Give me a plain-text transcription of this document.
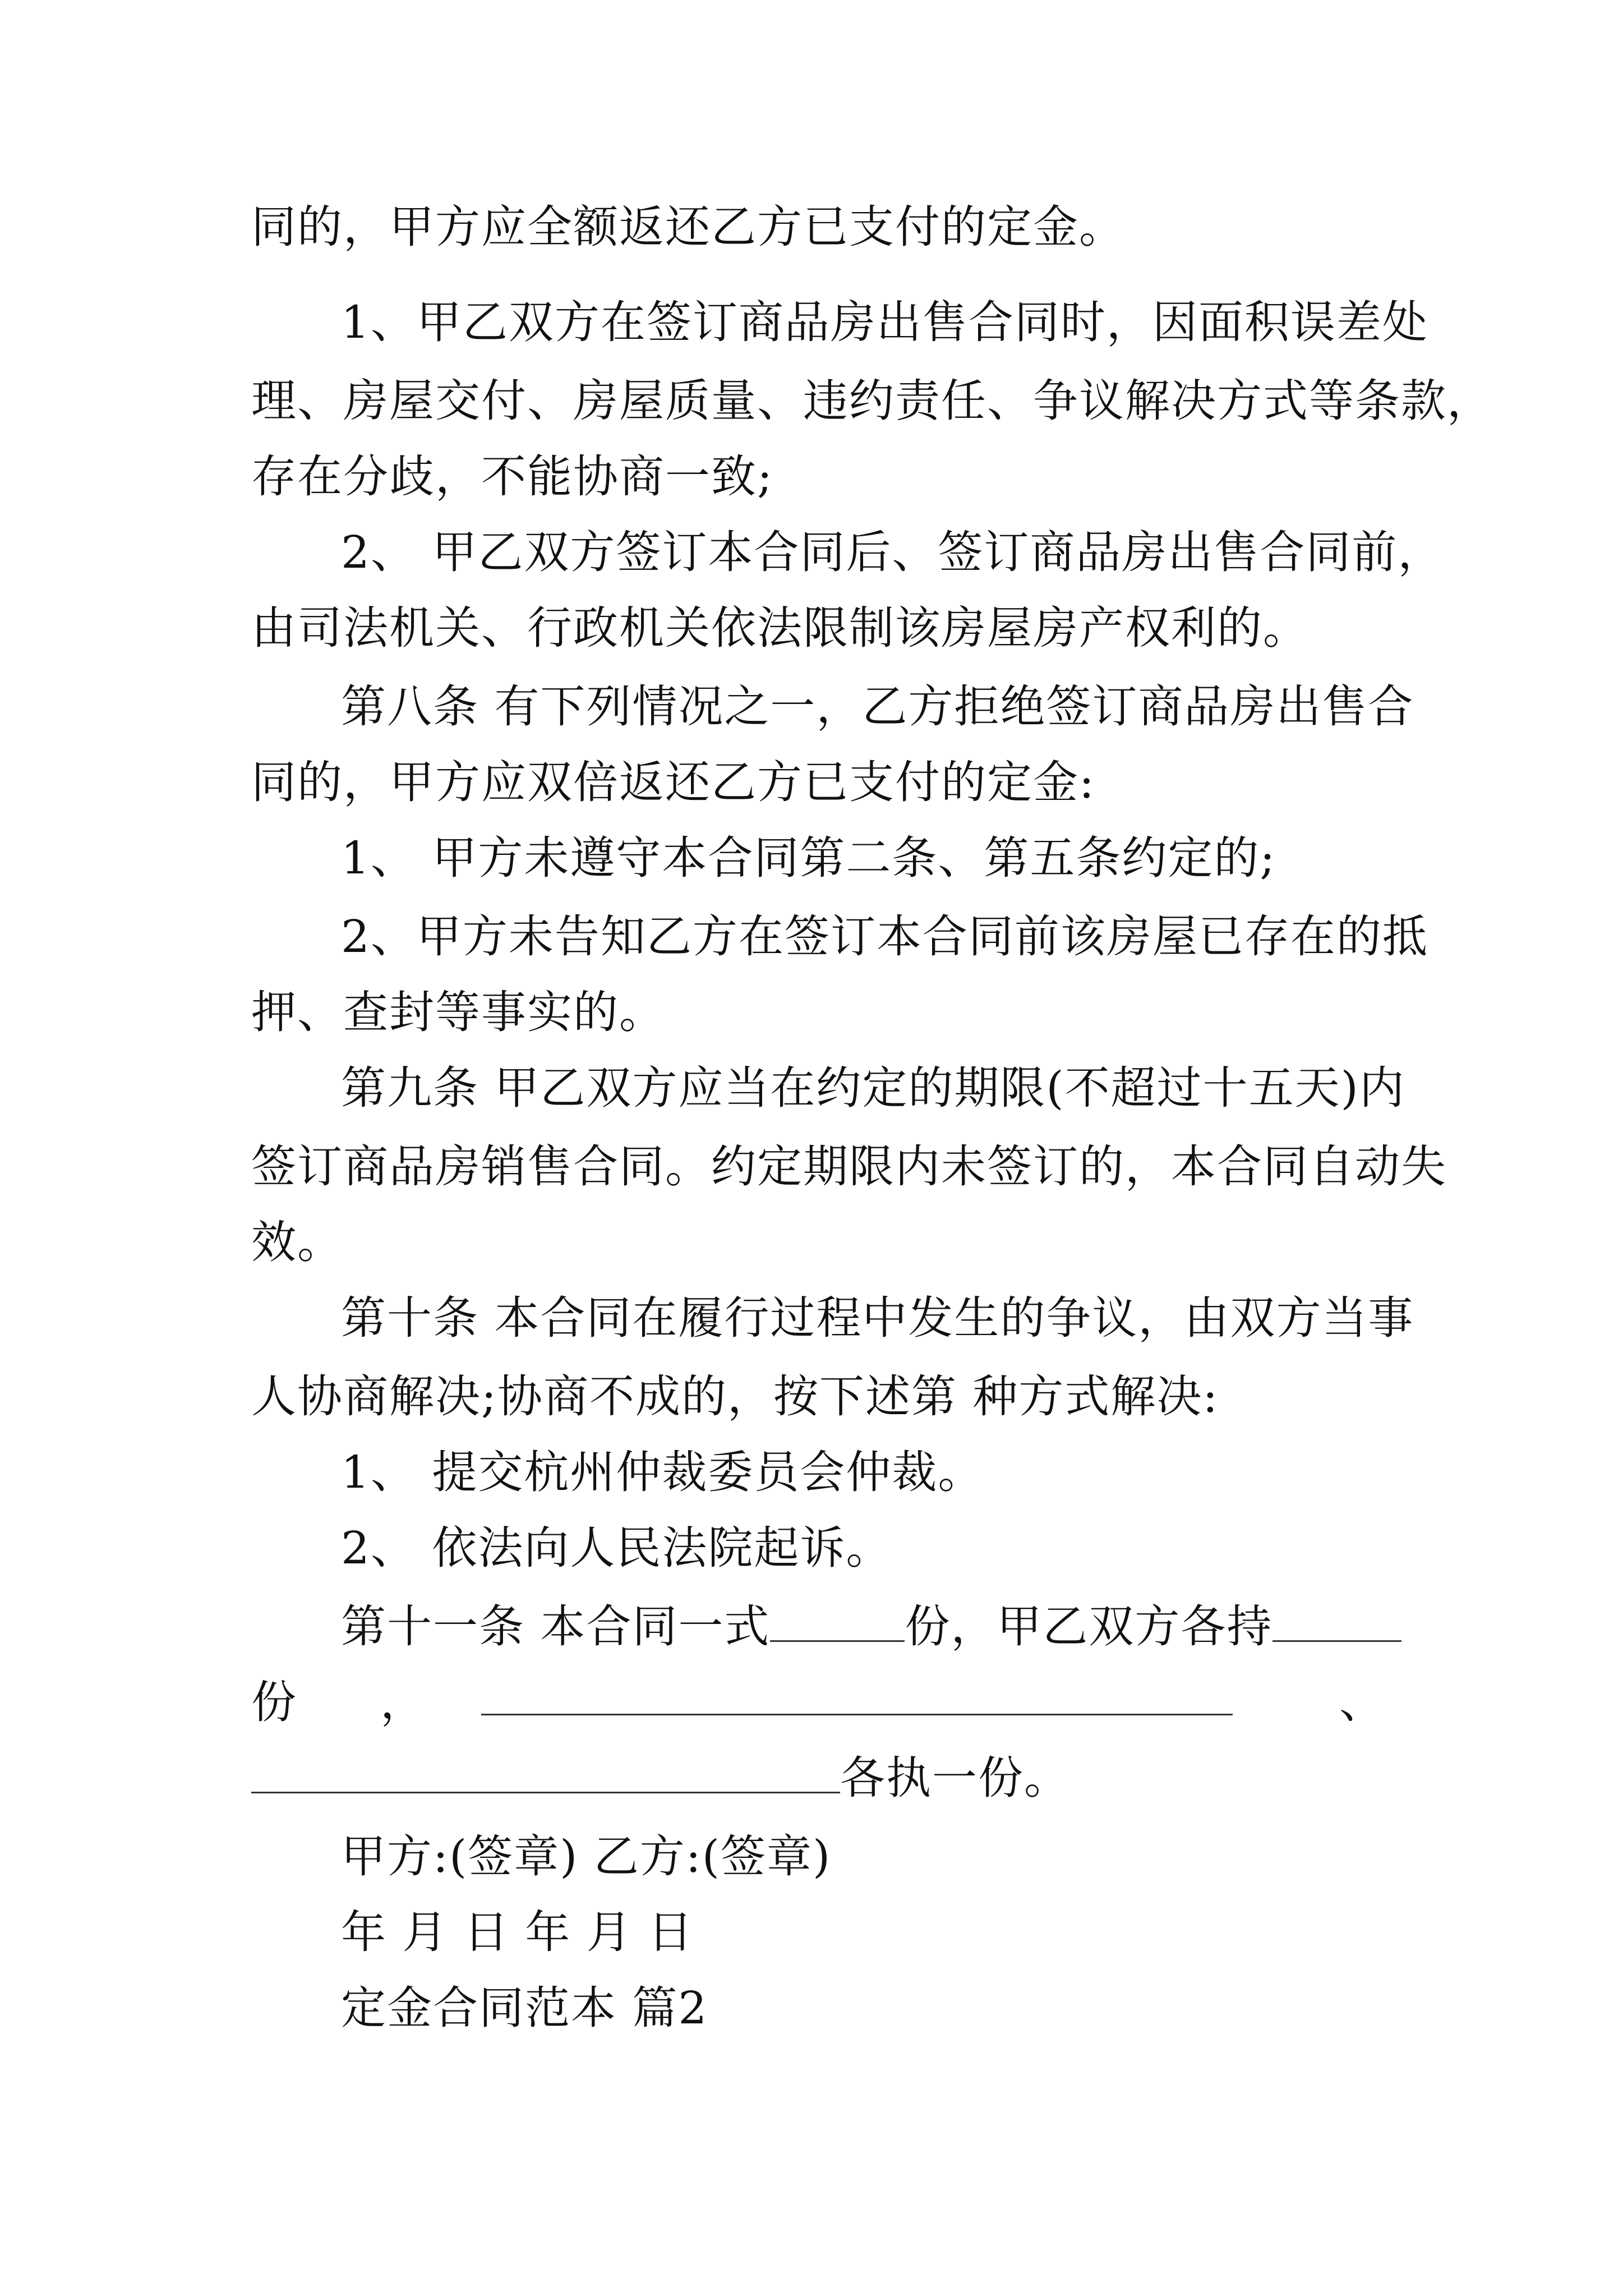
同的，甲方应全额返还乙方已支付的定金。
1、甲乙双方在签订商品房出售合同时，因面积误差处
理、房屋交付、房屋质量、违约责任、争议解决方式等条款，
存在分歧，不能协商一致;
2、 甲乙双方签订本合同后、签订商品房出售合同前，
由司法机关、行政机关依法限制该房屋房产权利的。
第八条 有下列情况之一，乙方拒绝签订商品房出售合
同的，甲方应双倍返还乙方已支付的定金:
1、 甲方未遵守本合同第二条、第五条约定的;
2、甲方未告知乙方在签订本合同前该房屋已存在的抵
押、查封等事实的。
第九条 甲乙双方应当在约定的期限(不超过十五天)内
签订商品房销售合同。约定期限内未签订的，本合同自动失
效。
第十条 本合同在履行过程中发生的争议，由双方当事
人协商解决;协商不成的，按下述第 种方式解决:
1、 提交杭州仲裁委员会仲裁。
2、 依法向人民法院起诉。
第十一条 本合同一式	份，甲乙双方各持
份 ，	、
各执一份。
甲方:(签章) 乙方:(签章)
年 月 日 年 月 日
定金合同范本 篇2
